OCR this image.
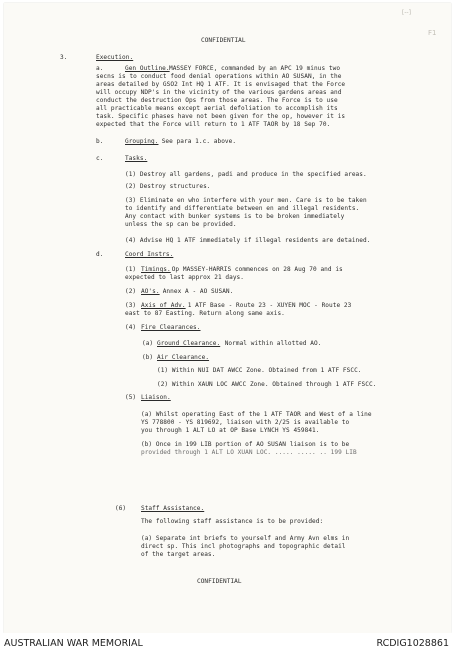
[--]
F1
CONFIDENTIAL
3.	Execution.
a.	Gen Outline. MASSEY FORCE, commanded by an APC 19 minus two
secns is to conduct food denial operations within AO SUSAN, in the
areas detailed by GSO2 Int HQ 1 ATF. It is envisaged that the Force
will occupy NDP's in the vicinity of the various gardens areas and
conduct the destruction Ops from those areas. The Force is to use
all practicable means except aerial defoliation to accomplish its
task. Specific phases have not been given for the op, however it is
expected that the Force will return to 1 ATF TAOR by 18 Sep 70.
b.	Grouping. See para 1.c. above.
c.	Tasks.
(1) Destroy all gardens, padi and produce in the specified areas.
(2) Destroy structures.
(3) Eliminate en who interfere with your men. Care is to be taken
to identify and differentiate between en and illegal residents.
Any contact with bunker systems is to be broken immediately
unless the sp can be provided.
(4) Advise HQ 1 ATF immediately if illegal residents are detained.
d.	Coord Instrs.
(1) Timings.
Op MASSEY-HARRIS commences on 28 Aug 70 and is
expected to last approx 21 days.
(2) AO's. Annex A - AO SUSAN.
(3) Axis of Adv.
1 ATF Base - Route 23 - XUYEN MOC - Route 23
east to 87 Easting. Return along same axis.
(4) Fire Clearances.
(a) Ground Clearance. Normal within allotted AO.
(b) Air Clearance.
(1) Within NUI DAT AWCC Zone. Obtained from 1 ATF FSCC.
(2) Within XAUN LOC AWCC Zone. Obtained through 1 ATF FSCC.
(5) Liaison.
(a) Whilst operating East of the 1 ATF TAOR and West of a line
YS 778800 - YS 819692, liaison with 2/25 is available to
you through 1 ALT LO at OP Base LYNCH YS 459841.
(b) Once in 199 LIB portion of AO SUSAN liaison is to be
provided through 1 ALT LO XUAN LOC. ..... ..... .. 199 LIB
(6) Staff Assistance.
The following staff assistance is to be provided:
(a) Separate int briefs to yourself and Army Avn elms in
direct sp. This incl photographs and topographic detail
of the target areas.
CONFIDENTIAL
AUSTRALIAN WAR MEMORIAL	RCDIG1028861
